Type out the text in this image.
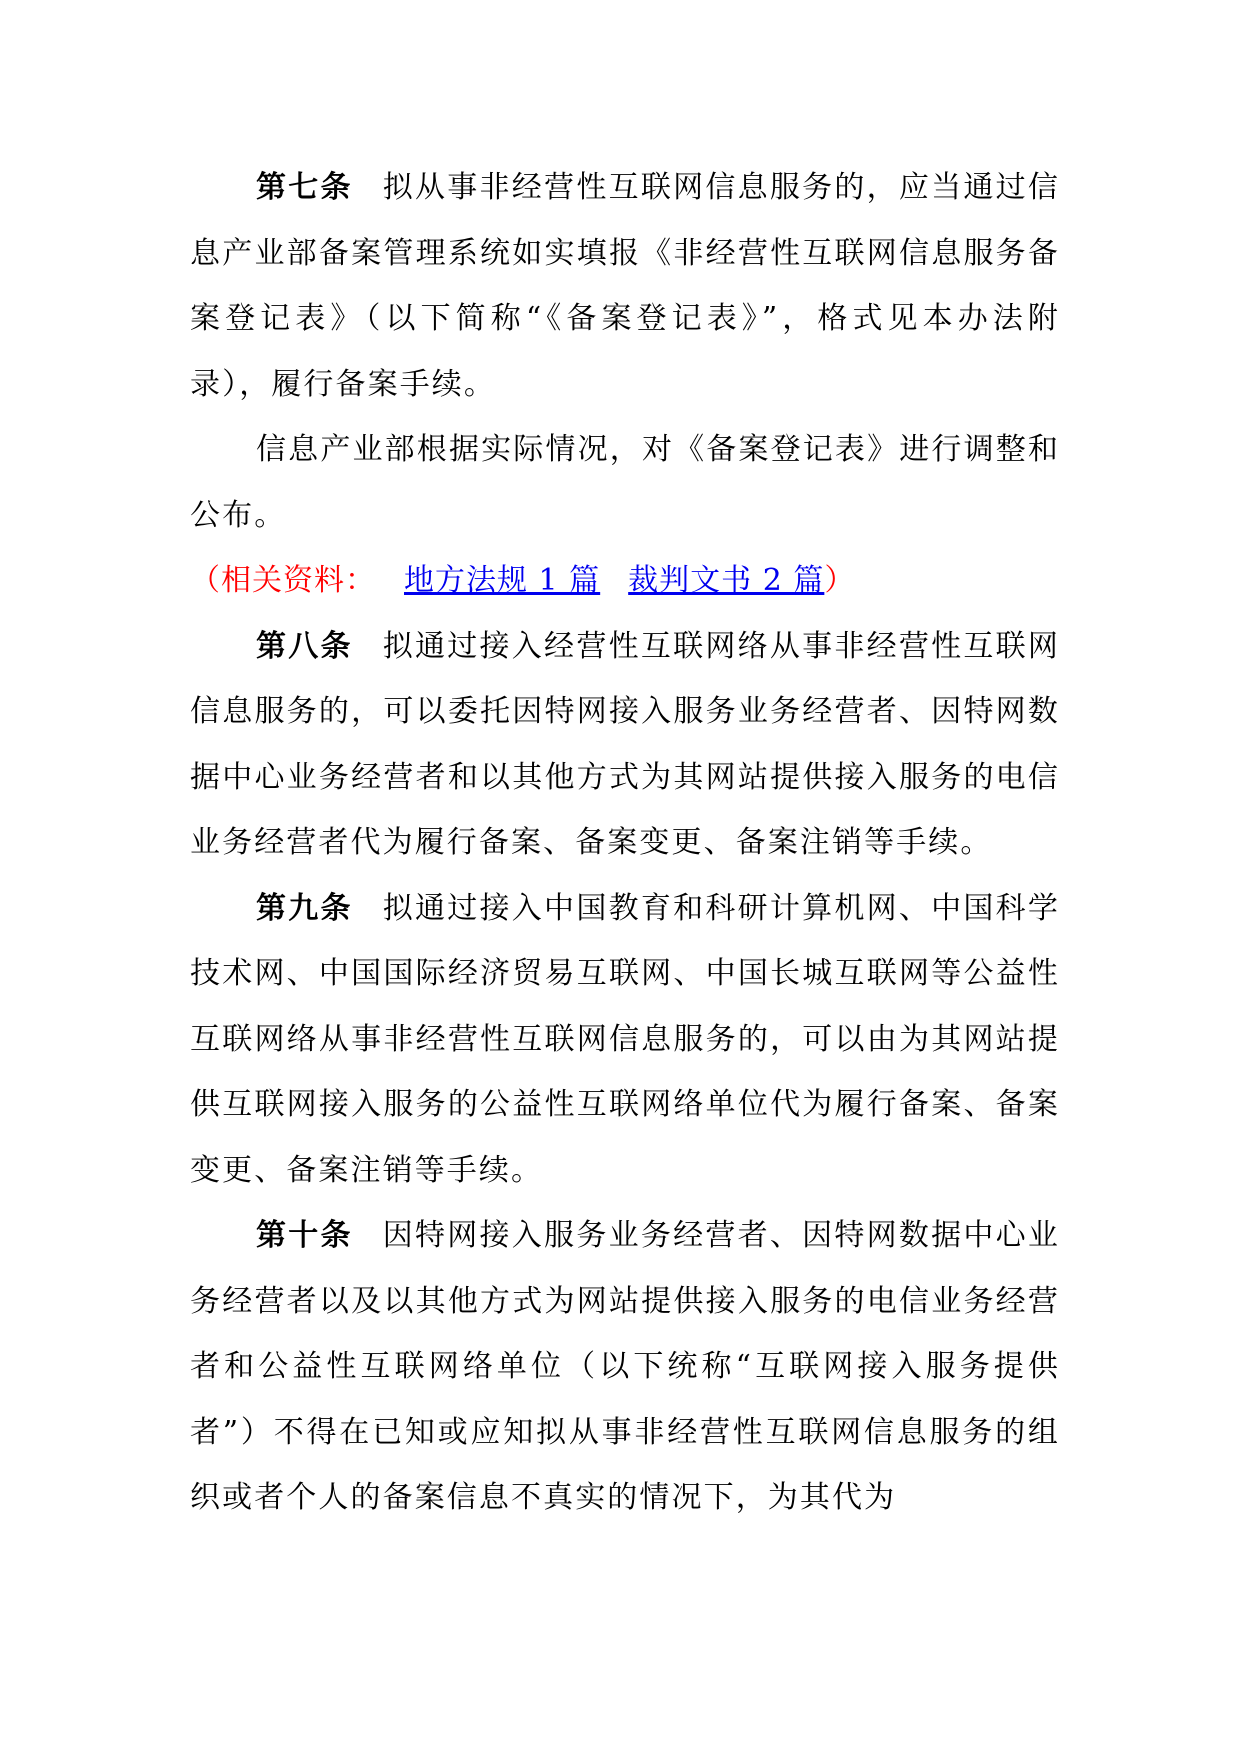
第七条 拟从事非经营性互联网信息服务的，应当通过信息产业部备案管理系统如实填报《非经营性互联网信息服务备案登记表》（以下简称“《备案登记表》”，格式见本办法附录），履行备案手续。

信息产业部根据实际情况，对《备案登记表》进行调整和公布。

（相关资料： 地方法规 1 篇 裁判文书 2 篇）

第八条 拟通过接入经营性互联网络从事非经营性互联网信息服务的，可以委托因特网接入服务业务经营者、因特网数据中心业务经营者和以其他方式为其网站提供接入服务的电信业务经营者代为履行备案、备案变更、备案注销等手续。

第九条 拟通过接入中国教育和科研计算机网、中国科学技术网、中国国际经济贸易互联网、中国长城互联网等公益性互联网络从事非经营性互联网信息服务的，可以由为其网站提供互联网接入服务的公益性互联网络单位代为履行备案、备案变更、备案注销等手续。

第十条 因特网接入服务业务经营者、因特网数据中心业务经营者以及以其他方式为网站提供接入服务的电信业务经营者和公益性互联网络单位（以下统称“互联网接入服务提供者”）不得在已知或应知拟从事非经营性互联网信息服务的组织或者个人的备案信息不真实的情况下，为其代为
